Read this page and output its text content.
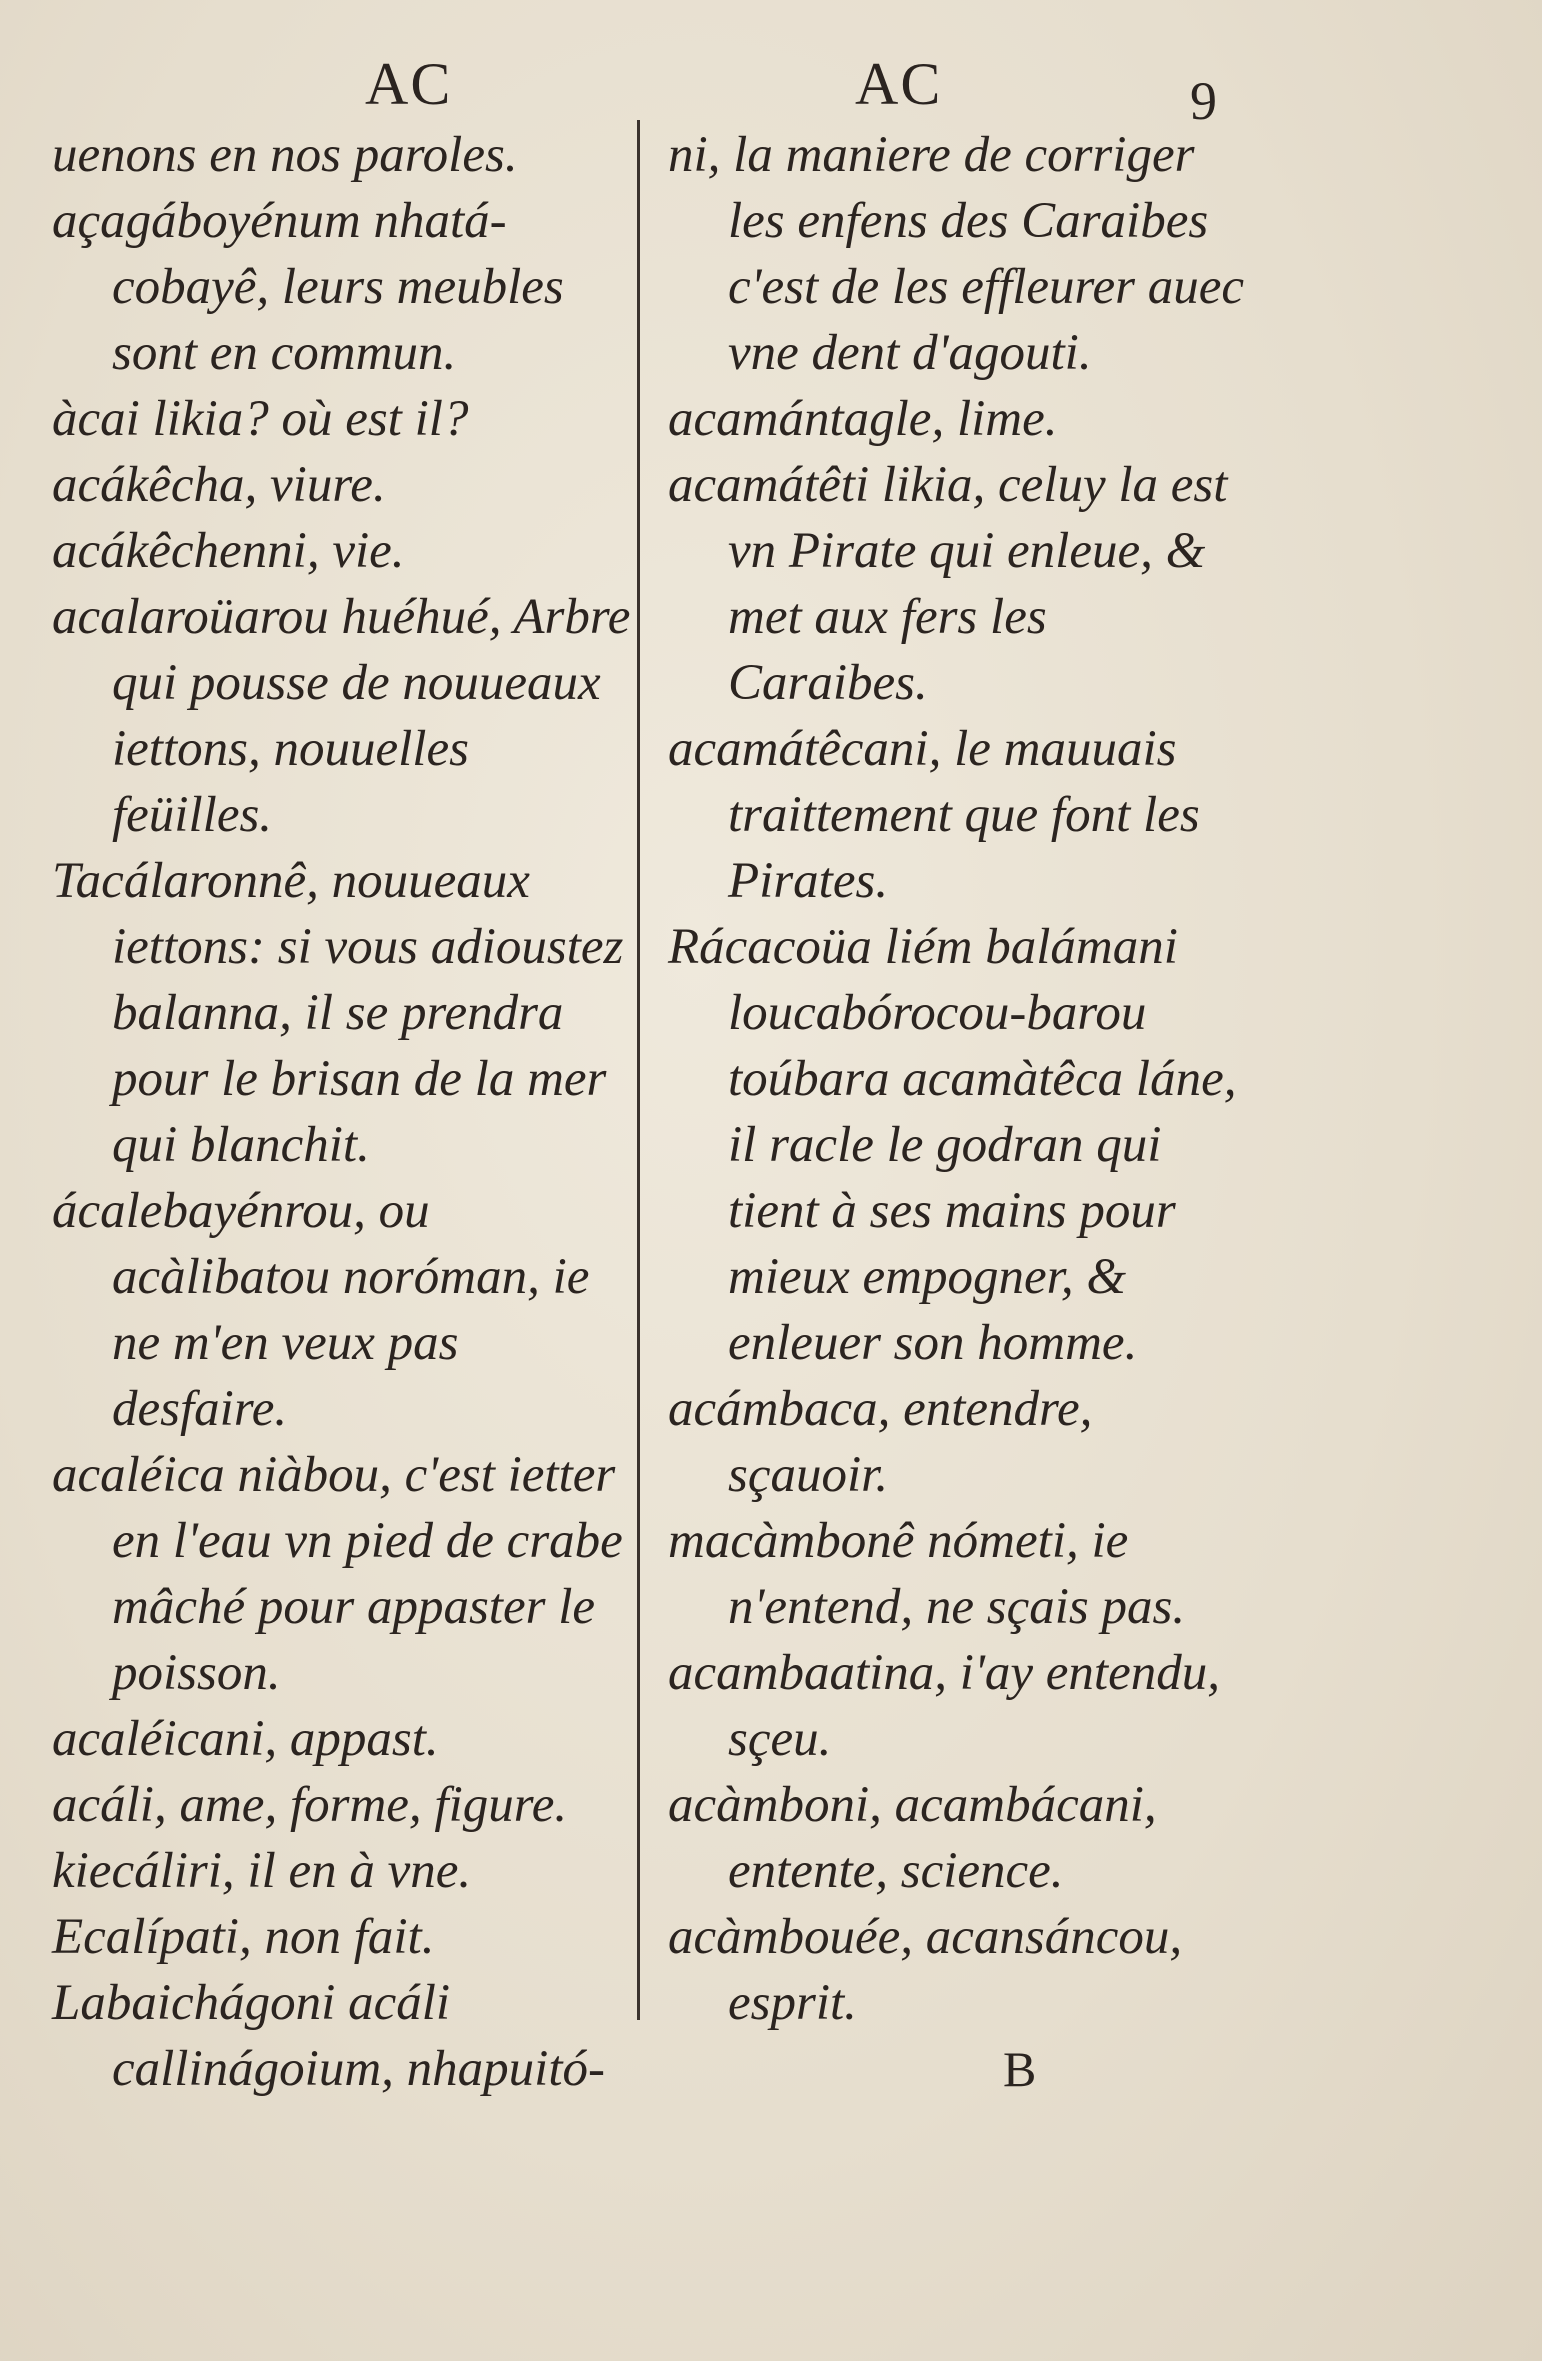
AC	AC	9
uenons en nos paroles.
açagáboyénum nhatá- cobayê, leurs meubles sont en commun.
àcai likia? où est il?
acákêcha, viure.
acákêchenni, vie.
acalaroüarou huéhué, Arbre qui pousse de nouueaux iettons, nouuelles feüilles.
Tacálaronnê, nouueaux iettons: si vous adioustez balanna, il se prendra pour le brisan de la mer qui blanchit.
ácalebayénrou, ou acàlibatou noróman, ie ne m'en veux pas desfaire.
acaléica niàbou, c'est ietter en l'eau vn pied de crabe mâché pour appaster le poisson.
acaléicani, appast.
acáli, ame, forme, figure.
kiecáliri, il en à vne.
Ecalípati, non fait.
Labaichágoni acáli callinágoium, nhapuitó-
ni, la maniere de corriger les enfens des Caraibes c'est de les effleurer auec vne dent d'agouti.
acamántagle, lime.
acamátêti likia, celuy la est vn Pirate qui enleue, & met aux fers les Caraibes.
acamátêcani, le mauuais traittement que font les Pirates.
Rácacoüa liém balámani loucabórocou-barou toúbara acamàtêca láne, il racle le godran qui tient à ses mains pour mieux empogner, & enleuer son homme.
acámbaca, entendre, sçauoir.
macàmbonê nómeti, ie n'entend, ne sçais pas.
acambaatina, i'ay entendu, sçeu.
acàmboni, acambácani, entente, science.
acàmbouée, acansáncou, esprit.
B
